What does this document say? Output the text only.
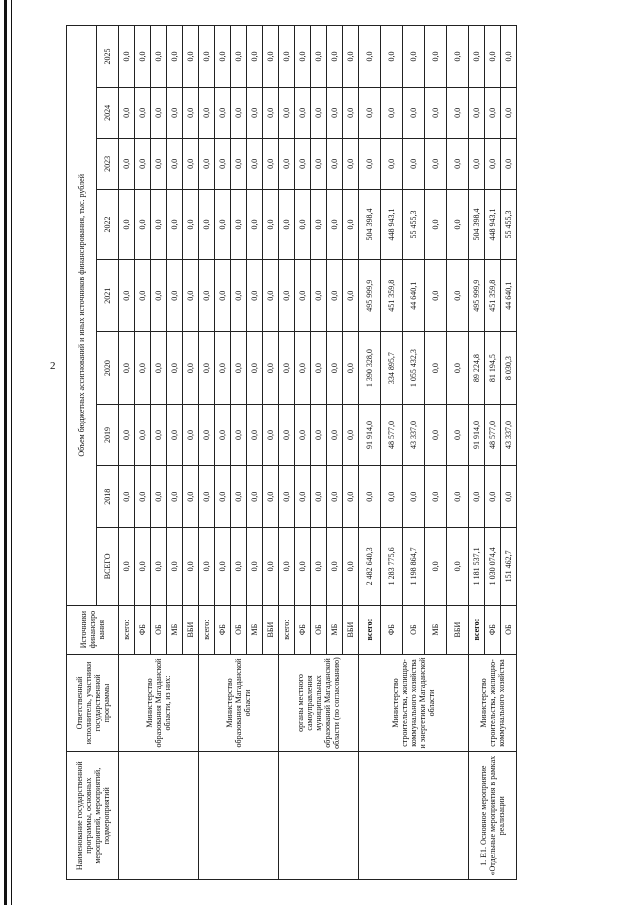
2
Наименование государственной программы, основных мероприятий, мероприятий, подмероприятий	Ответственный исполнитель, участники государственной программы	Источники финансиро вания	Объем бюджетных ассигнований и иных источников финансирования, тыс. рублей								
			ВСЕГО	2018	2019	2020	2021	2022	2023	2024	2025
	Министерство образования Магаданской области, из них:	всего:	0,0	0,0	0,0	0,0	0,0	0,0	0,0	0,0	0,0
		ФБ	0,0	0,0	0,0	0,0	0,0	0,0	0,0	0,0	0,0
		ОБ	0,0	0,0	0,0	0,0	0,0	0,0	0,0	0,0	0,0
		МБ	0,0	0,0	0,0	0,0	0,0	0,0	0,0	0,0	0,0
		ВБИ	0,0	0,0	0,0	0,0	0,0	0,0	0,0	0,0	0,0
	Министерство образования Магаданской области	всего:	0,0	0,0	0,0	0,0	0,0	0,0	0,0	0,0	0,0
		ФБ	0,0	0,0	0,0	0,0	0,0	0,0	0,0	0,0	0,0
		ОБ	0,0	0,0	0,0	0,0	0,0	0,0	0,0	0,0	0,0
		МБ	0,0	0,0	0,0	0,0	0,0	0,0	0,0	0,0	0,0
		ВБИ	0,0	0,0	0,0	0,0	0,0	0,0	0,0	0,0	0,0
	органы местного самоуправления муниципальных образований Магаданской области (по согласованию)	всего:	0,0	0,0	0,0	0,0	0,0	0,0	0,0	0,0	0,0
		ФБ	0,0	0,0	0,0	0,0	0,0	0,0	0,0	0,0	0,0
		ОБ	0,0	0,0	0,0	0,0	0,0	0,0	0,0	0,0	0,0
		МБ	0,0	0,0	0,0	0,0	0,0	0,0	0,0	0,0	0,0
		ВБИ	0,0	0,0	0,0	0,0	0,0	0,0	0,0	0,0	0,0
	Министерство строительства, жилищно-коммунального хозяйства и энергетики Магаданской области	всего:	2 482 640,3	0,0	91 914,0	1 390 328,0	495 999,9	504 398,4	0,0	0,0	0,0
		ФБ	1 283 775,6	0,0	48 577,0	334 895,7	451 359,8	448 943,1	0,0	0,0	0,0
		ОБ	1 198 864,7	0,0	43 337,0	1 055 432,3	44 640,1	55 455,3	0,0	0,0	0,0
		МБ	0,0	0,0	0,0	0,0	0,0	0,0	0,0	0,0	0,0
		ВБИ	0,0	0,0	0,0	0,0	0,0	0,0	0,0	0,0	0,0
1. Е1. Основное мероприятие «Отдельные мероприятия в рамках реализации	Министерство строительства, жилищно-коммунального хозяйства	всего:	1 181 537,1	0,0	91 914,0	89 224,8	495 999,9	504 398,4	0,0	0,0	0,0
		ФБ	1 030 074,4	0,0	48 577,0	81 194,5	451 359,8	448 943,1	0,0	0,0	0,0
		ОБ	151 462,7	0,0	43 337,0	8 030,3	44 640,1	55 455,3	0,0	0,0	0,0
